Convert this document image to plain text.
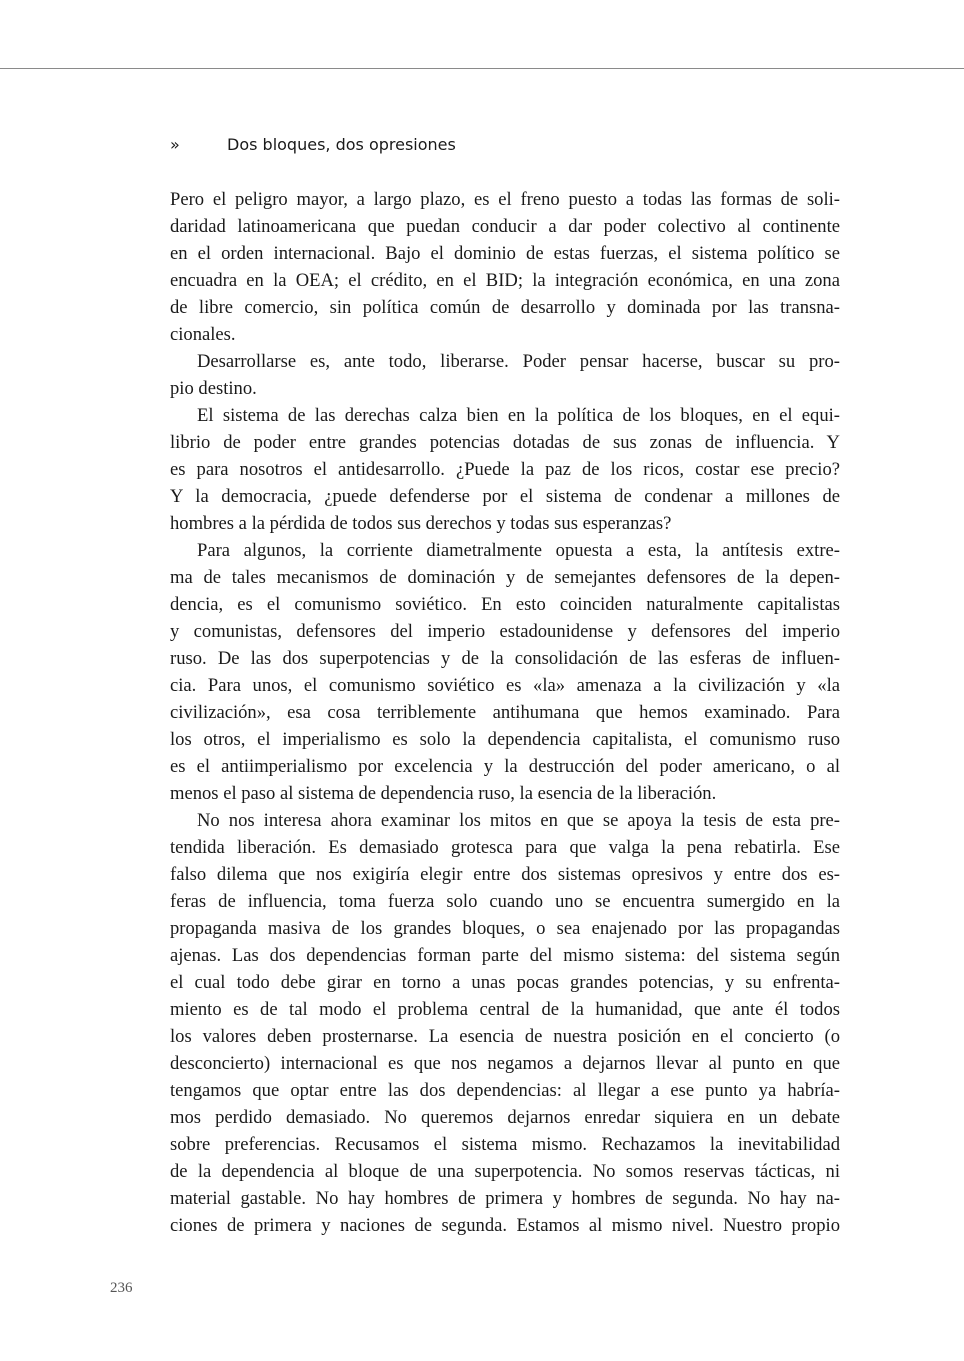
»	Dos bloques, dos opresiones
Pero el peligro mayor, a largo plazo, es el freno puesto a todas las formas de soli-
daridad latinoamericana que puedan conducir a dar poder colectivo al continente
en el orden internacional. Bajo el dominio de estas fuerzas, el sistema político se
encuadra en la OEA; el crédito, en el BID; la integración económica, en una zona
de libre comercio, sin política común de desarrollo y dominada por las transna-
cionales.
Desarrollarse es, ante todo, liberarse. Poder pensar hacerse, buscar su pro-
pio destino.
El sistema de las derechas calza bien en la política de los bloques, en el equi-
librio de poder entre grandes potencias dotadas de sus zonas de influencia. Y
es para nosotros el antidesarrollo. ¿Puede la paz de los ricos, costar ese precio?
Y la democracia, ¿puede defenderse por el sistema de condenar a millones de
hombres a la pérdida de todos sus derechos y todas sus esperanzas?
Para algunos, la corriente diametralmente opuesta a esta, la antítesis extre-
ma de tales mecanismos de dominación y de semejantes defensores de la depen-
dencia, es el comunismo soviético. En esto coinciden naturalmente capitalistas
y comunistas, defensores del imperio estadounidense y defensores del imperio
ruso. De las dos superpotencias y de la consolidación de las esferas de influen-
cia. Para unos, el comunismo soviético es «la» amenaza a la civilización y «la
civilización», esa cosa terriblemente antihumana que hemos examinado. Para
los otros, el imperialismo es solo la dependencia capitalista, el comunismo ruso
es el antiimperialismo por excelencia y la destrucción del poder americano, o al
menos el paso al sistema de dependencia ruso, la esencia de la liberación.
No nos interesa ahora examinar los mitos en que se apoya la tesis de esta pre-
tendida liberación. Es demasiado grotesca para que valga la pena rebatirla. Ese
falso dilema que nos exigiría elegir entre dos sistemas opresivos y entre dos es-
feras de influencia, toma fuerza solo cuando uno se encuentra sumergido en la
propaganda masiva de los grandes bloques, o sea enajenado por las propagandas
ajenas. Las dos dependencias forman parte del mismo sistema: del sistema según
el cual todo debe girar en torno a unas pocas grandes potencias, y su enfrenta-
miento es de tal modo el problema central de la humanidad, que ante él todos
los valores deben prosternarse. La esencia de nuestra posición en el concierto (o
desconcierto) internacional es que nos negamos a dejarnos llevar al punto en que
tengamos que optar entre las dos dependencias: al llegar a ese punto ya habría-
mos perdido demasiado. No queremos dejarnos enredar siquiera en un debate
sobre preferencias. Recusamos el sistema mismo. Rechazamos la inevitabilidad
de la dependencia al bloque de una superpotencia. No somos reservas tácticas, ni
material gastable. No hay hombres de primera y hombres de segunda. No hay na-
ciones de primera y naciones de segunda. Estamos al mismo nivel. Nuestro propio
236
